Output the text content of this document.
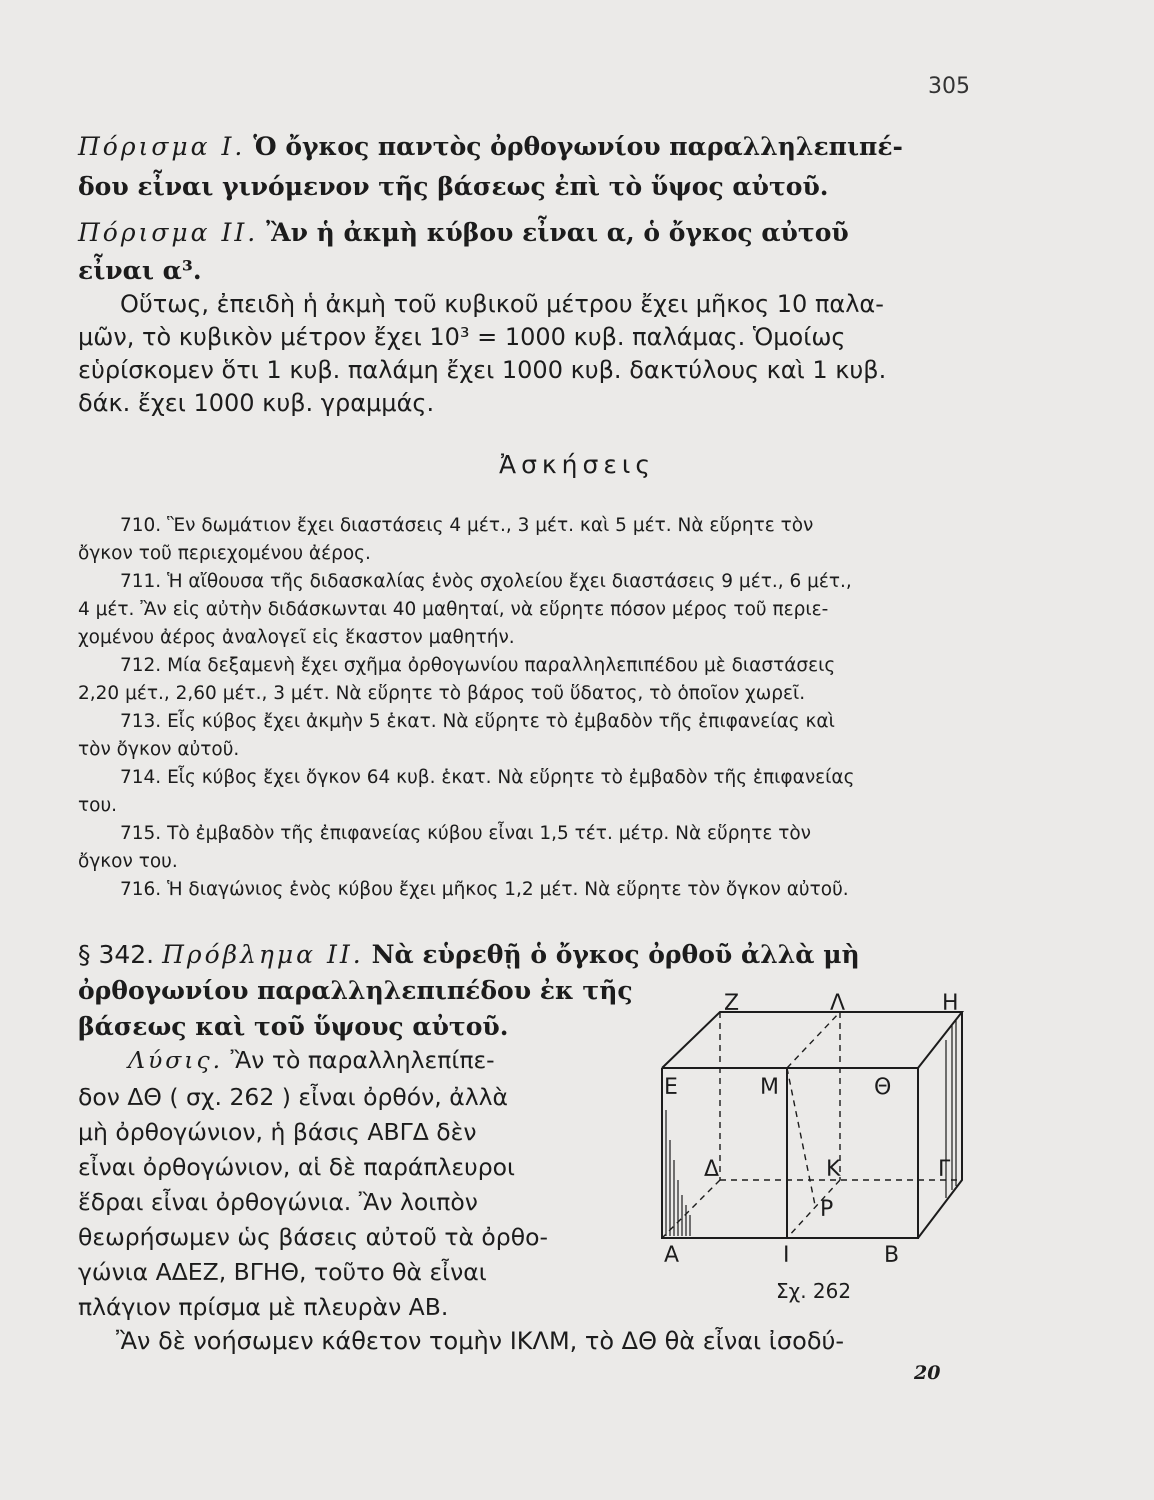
305
Πόρισμα Ι. Ὁ ὄγκος παντὸς ὀρθογωνίου παραλληλεπιπέ-
δου εἶναι γινόμενον τῆς βάσεως ἐπὶ τὸ ὕψος αὐτοῦ.
Πόρισμα ΙΙ. Ἂν ἡ ἀκμὴ κύβου εἶναι α, ὁ ὄγκος αὐτοῦ
εἶναι α³.
Οὕτως, ἐπειδὴ ἡ ἀκμὴ τοῦ κυβικοῦ μέτρου ἔχει μῆκος 10 παλα-
μῶν, τὸ κυβικὸν μέτρον ἔχει 10³ = 1000 κυβ. παλάμας. Ὁμοίως
εὑρίσκομεν ὅτι 1 κυβ. παλάμη ἔχει 1000 κυβ. δακτύλους καὶ 1 κυβ.
δάκ. ἔχει 1000 κυβ. γραμμάς.
Ἀσκήσεις
710. Ἓν δωμάτιον ἔχει διαστάσεις 4 μέτ., 3 μέτ. καὶ 5 μέτ. Νὰ εὕρητε τὸν
ὄγκον τοῦ περιεχομένου ἀέρος.
711. Ἡ αἴθουσα τῆς διδασκαλίας ἑνὸς σχολείου ἔχει διαστάσεις 9 μέτ., 6 μέτ.,
4 μέτ. Ἂν εἰς αὐτὴν διδάσκωνται 40 μαθηταί, νὰ εὕρητε πόσον μέρος τοῦ περιε-
χομένου ἀέρος ἀναλογεῖ εἰς ἕκαστον μαθητήν.
712. Μία δεξαμενὴ ἔχει σχῆμα ὀρθογωνίου παραλληλεπιπέδου μὲ διαστάσεις
2,20 μέτ., 2,60 μέτ., 3 μέτ. Νὰ εὕρητε τὸ βάρος τοῦ ὕδατος, τὸ ὁποῖον χωρεῖ.
713. Εἷς κύβος ἔχει ἀκμὴν 5 ἑκατ. Νὰ εὕρητε τὸ ἐμβαδὸν τῆς ἐπιφανείας καὶ
τὸν ὄγκον αὐτοῦ.
714. Εἷς κύβος ἔχει ὄγκον 64 κυβ. ἑκατ. Νὰ εὕρητε τὸ ἐμβαδὸν τῆς ἐπιφανείας
του.
715. Τὸ ἐμβαδὸν τῆς ἐπιφανείας κύβου εἶναι 1,5 τέτ. μέτρ. Νὰ εὕρητε τὸν
ὄγκον του.
716. Ἡ διαγώνιος ἑνὸς κύβου ἔχει μῆκος 1,2 μέτ. Νὰ εὕρητε τὸν ὄγκον αὐτοῦ.
§ 342. Πρόβλημα ΙΙ. Νὰ εὑρεθῇ ὁ ὄγκος ὀρθοῦ ἀλλὰ μὴ
ὀρθογωνίου παραλληλεπιπέδου ἐκ τῆς
βάσεως καὶ τοῦ ὕψους αὐτοῦ.
Λύσις. Ἂν τὸ παραλληλεπίπε-
δον ΔΘ ( σχ. 262 ) εἶναι ὀρθόν, ἀλλὰ
μὴ ὀρθογώνιον, ἡ βάσις ΑΒΓΔ δὲν
εἶναι ὀρθογώνιον, αἱ δὲ παράπλευροι
ἕδραι εἶναι ὀρθογώνια. Ἂν λοιπὸν
θεωρήσωμεν ὡς βάσεις αὐτοῦ τὰ ὀρθο-
γώνια ΑΔΕΖ, ΒΓΗΘ, τοῦτο θὰ εἶναι
πλάγιον πρίσμα μὲ πλευρὰν ΑΒ.
Ζ	Λ	Η
Ε	Μ	Θ
Δ	Κ	Γ
Ρ
Α	Ι	Β
Σχ. 262
Ἂν δὲ νοήσωμεν κάθετον τομὴν ΙΚΛΜ, τὸ ΔΘ θὰ εἶναι ἰσοδύ-
20
